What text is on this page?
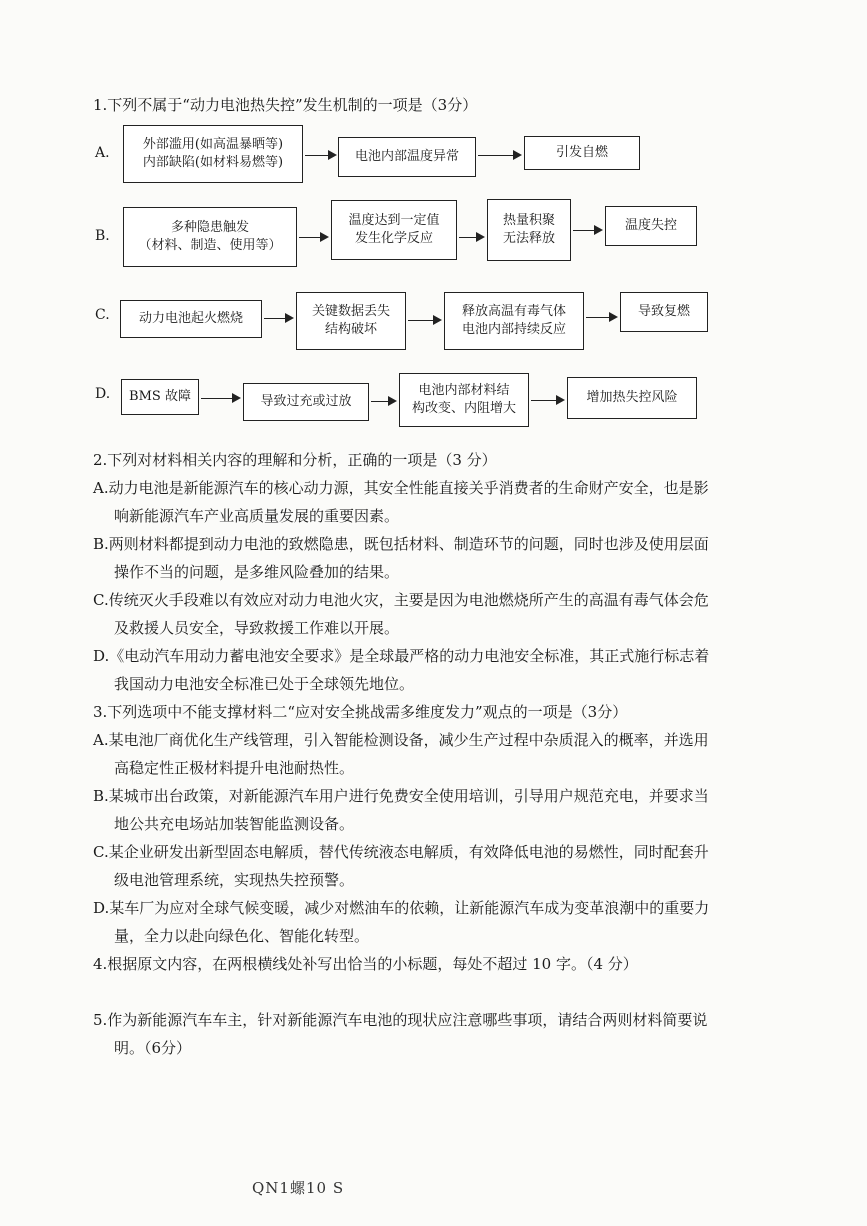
1.下列不属于“动力电池热失控”发生机制的一项是（3分）
A.
外部滥用(如高温暴晒等)
内部缺陷(如材料易燃等)	电池内部温度异常	引发自燃
B.
多种隐患触发
（材料、制造、使用等）
温度达到一定值
发生化学反应
热量积聚
无法释放
温度失控
C. 动力电池起火燃烧	关键数据丢失
结构破坏
释放高温有毒气体
电池内部持续反应
导致复燃
D. BMS 故障	导致过充或过放
电池内部材料结
构改变、内阻增大
增加热失控风险
2.下列对材料相关内容的理解和分析，正确的一项是（3 分）
A.动力电池是新能源汽车的核心动力源，其安全性能直接关乎消费者的生命财产安全，也是影
响新能源汽车产业高质量发展的重要因素。
B.两则材料都提到动力电池的致燃隐患，既包括材料、制造环节的问题，同时也涉及使用层面
操作不当的问题，是多维风险叠加的结果。
C.传统灭火手段难以有效应对动力电池火灾，主要是因为电池燃烧所产生的高温有毒气体会危
及救援人员安全，导致救援工作难以开展。
D.《电动汽车用动力蓄电池安全要求》是全球最严格的动力电池安全标准，其正式施行标志着
我国动力电池安全标准已处于全球领先地位。
3.下列选项中不能支撑材料二“应对安全挑战需多维度发力”观点的一项是（3分）
A.某电池厂商优化生产线管理，引入智能检测设备，减少生产过程中杂质混入的概率，并选用
高稳定性正极材料提升电池耐热性。
B.某城市出台政策，对新能源汽车用户进行免费安全使用培训，引导用户规范充电，并要求当
地公共充电场站加装智能监测设备。
C.某企业研发出新型固态电解质，替代传统液态电解质，有效降低电池的易燃性，同时配套升
级电池管理系统，实现热失控预警。
D.某车厂为应对全球气候变暖，减少对燃油车的依赖，让新能源汽车成为变革浪潮中的重要力
量，全力以赴向绿色化、智能化转型。
4.根据原文内容，在两根横线处补写出恰当的小标题，每处不超过 10 字。（4 分）
5.作为新能源汽车车主，针对新能源汽车电池的现状应注意哪些事项，请结合两则材料简要说
明。（6分）
QN1螺10 S
